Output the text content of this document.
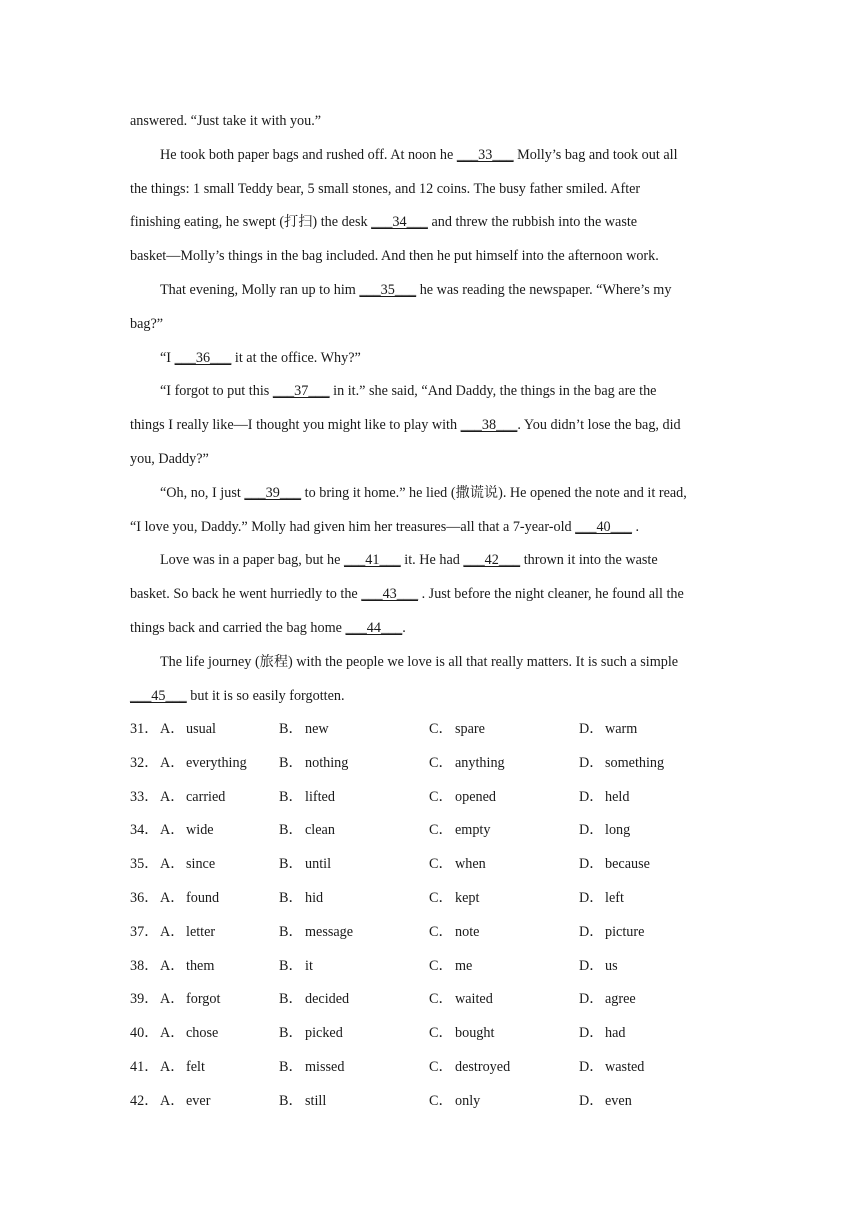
answered. “Just take it with you.”
He took both paper bags and rushed off. At noon he ___33___ Molly’s bag and took out all
the things: 1 small Teddy bear, 5 small stones, and 12 coins. The busy father smiled. After
finishing eating, he swept (打扫) the desk ___34___ and threw the rubbish into the waste
basket—Molly’s things in the bag included. And then he put himself into the afternoon work.
That evening, Molly ran up to him ___35___ he was reading the newspaper. “Where’s my
bag?”
“I ___36___ it at the office. Why?”
“I forgot to put this ___37___ in it.” she said, “And Daddy, the things in the bag are the
things I really like—I thought you might like to play with ___38___. You didn’t lose the bag, did
you, Daddy?”
“Oh, no, I just ___39___ to bring it home.” he lied (撒谎说). He opened the note and it read,
“I love you, Daddy.” Molly had given him her treasures—all that a 7-year-old ___40___ .
Love was in a paper bag, but he ___41___ it. He had ___42___ thrown it into the waste
basket. So back he went hurriedly to the ___43___ . Just before the night cleaner, he found all the
things back and carried the bag home ___44___.
The life journey (旅程) with the people we love is all that really matters. It is such a simple
___45___ but it is so easily forgotten.
31． A． usual	B． new	C． spare	D． warm
32． A． everything B． nothing	C． anything	D． something
33． A． carried	B． lifted	C． opened	D． held
34． A． wide	B． clean	C． empty	D． long
35． A． since	B． until	C． when	D． because
36． A． found	B． hid	C． kept	D． left
37． A． letter	B． message	C． note	D． picture
38． A． them	B． it	C． me	D． us
39． A． forgot	B． decided	C． waited	D． agree
40． A． chose	B． picked	C． bought	D． had
41． A． felt	B． missed	C． destroyed	D． wasted
42． A． ever	B． still	C． only	D． even
